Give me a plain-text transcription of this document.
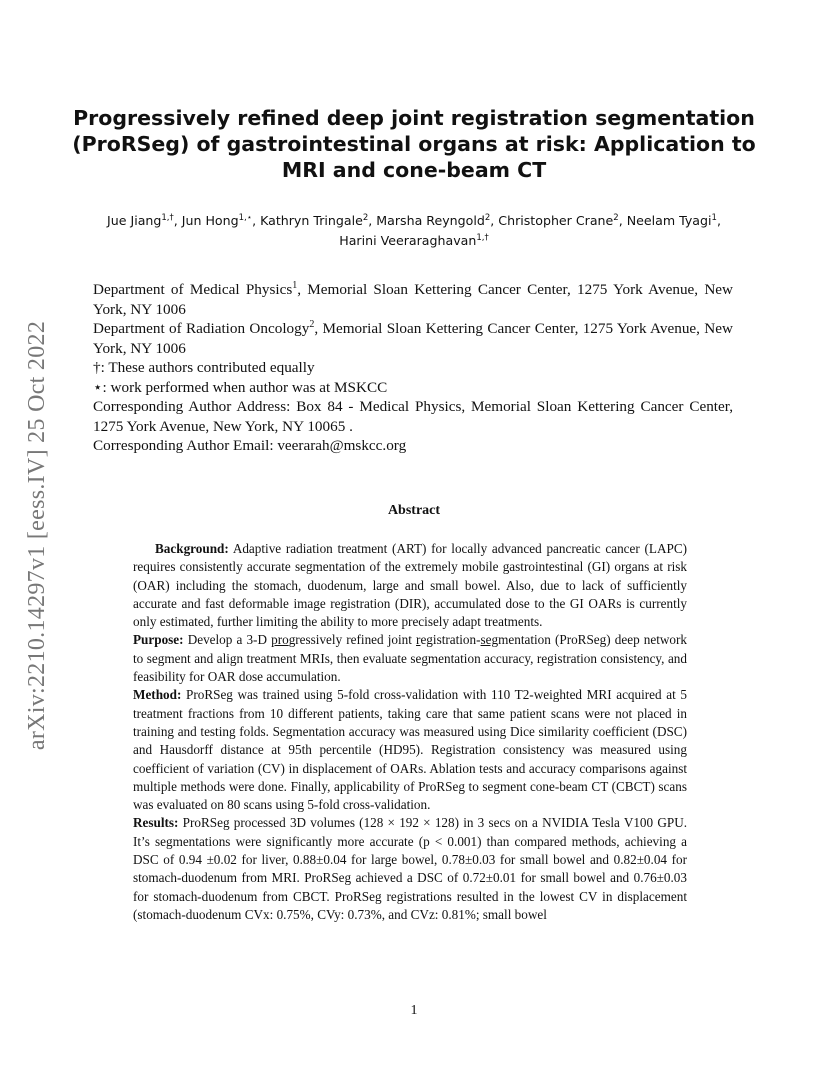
arXiv:2210.14297v1 [eess.IV] 25 Oct 2022
Progressively refined deep joint registration segmentation (ProRSeg) of gastrointestinal organs at risk: Application to MRI and cone-beam CT
Jue Jiang$^{1,\dagger}$, Jun Hong$^{1,⋆}$, Kathryn Tringale$^2$, Marsha Reyngold$^2$, Christopher Crane$^2$, Neelam Tyagi$^1$,
Harini Veeraraghavan$^{1,\dagger}$

Department of Medical Physics$^1$, Memorial Sloan Kettering Cancer Center, 1275 York Avenue, New York, NY 1006

Department of Radiation Oncology$^2$, Memorial Sloan Kettering Cancer Center, 1275 York Avenue, New York, NY 1006

†: These authors contributed equally

⋆: work performed when author was at MSKCC

Corresponding Author Address: Box 84 - Medical Physics, Memorial Sloan Kettering Cancer Center, 1275 York Avenue, New York, NY 10065 .

Corresponding Author Email: veerarah@mskcc.org

Abstract

Background: Adaptive radiation treatment (ART) for locally advanced pancreatic cancer (LAPC) requires consistently accurate segmentation of the extremely mobile gastrointestinal (GI) organs at risk (OAR) including the stomach, duodenum, large and small bowel. Also, due to lack of sufficiently accurate and fast deformable image registration (DIR), accumulated dose to the GI OARs is currently only estimated, further limiting the ability to more precisely adapt treatments.

Purpose: Develop a 3-D progressively refined joint registration-segmentation (ProRSeg) deep network to segment and align treatment MRIs, then evaluate segmentation accuracy, registration consistency, and feasibility for OAR dose accumulation.

Method: ProRSeg was trained using 5-fold cross-validation with 110 T2-weighted MRI acquired at 5 treatment fractions from 10 different patients, taking care that same patient scans were not placed in training and testing folds. Segmentation accuracy was measured using Dice similarity coefficient (DSC) and Hausdorff distance at 95th percentile (HD95). Registration consistency was measured using coefficient of variation (CV) in displacement of OARs. Ablation tests and accuracy comparisons against multiple methods were done. Finally, applicability of ProRSeg to segment cone-beam CT (CBCT) scans was evaluated on 80 scans using 5-fold cross-validation.

Results: ProRSeg processed 3D volumes (128 × 192 × 128) in 3 secs on a NVIDIA Tesla V100 GPU. It’s segmentations were significantly more accurate (p < 0.001) than compared methods, achieving a DSC of 0.94 ±0.02 for liver, 0.88±0.04 for large bowel, 0.78±0.03 for small bowel and 0.82±0.04 for stomach-duodenum from MRI. ProRSeg achieved a DSC of 0.72±0.01 for small bowel and 0.76±0.03 for stomach-duodenum from CBCT. ProRSeg registrations resulted in the lowest CV in displacement (stomach-duodenum CVx: 0.75%, CVy: 0.73%, and CVz: 0.81%; small bowel

1
